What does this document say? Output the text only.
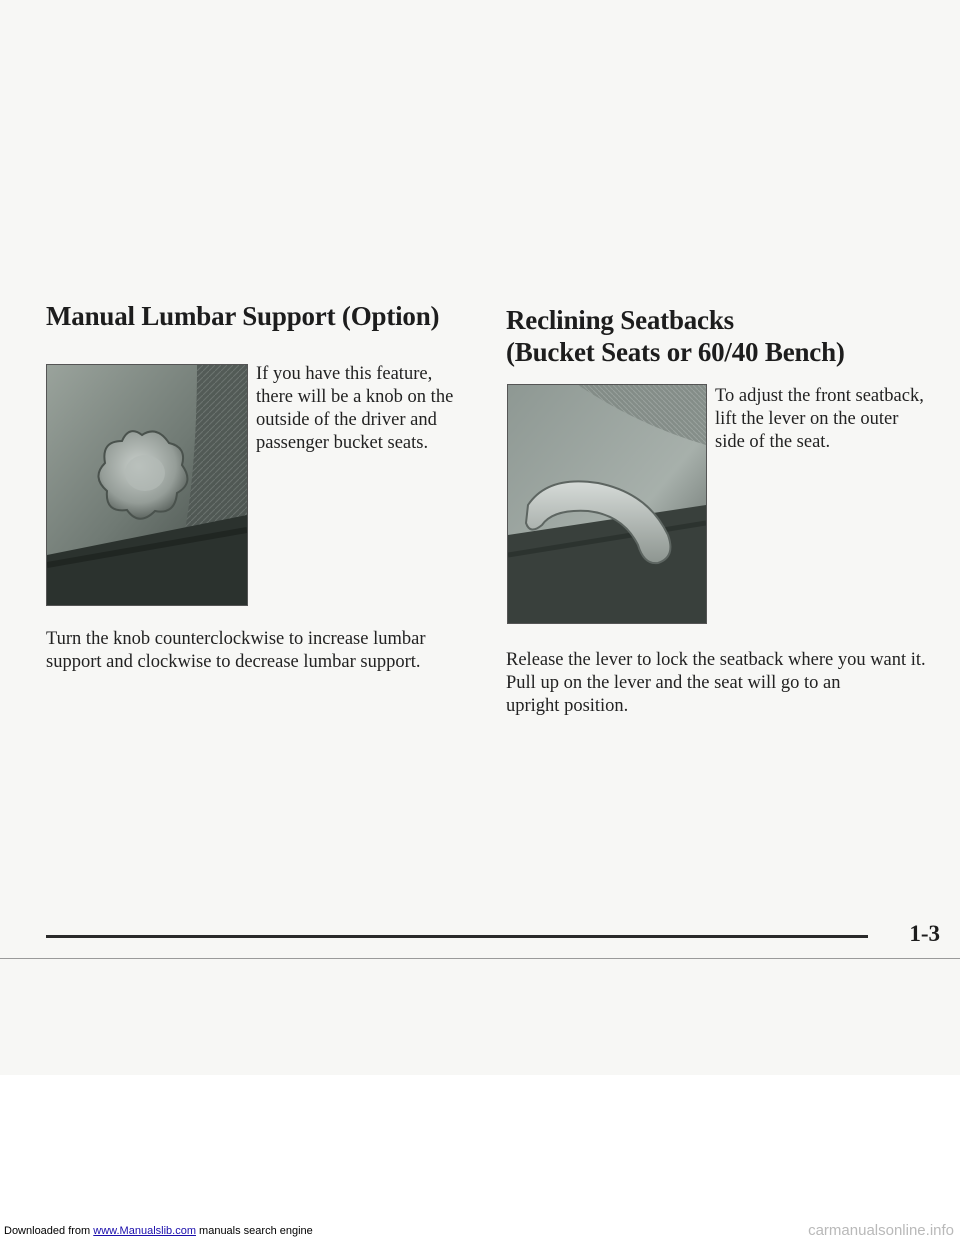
Manual Lumbar Support (Option)

If you have this feature,
there will be a knob on the
outside of the driver and
passenger bucket seats.

Turn the knob counterclockwise to increase lumbar
support and clockwise to decrease lumbar support.

Reclining Seatbacks
(Bucket Seats or 60/40 Bench)

To adjust the front seatback,
lift the lever on the outer
side of the seat.

Release the lever to lock the seatback where you want it.
Pull up on the lever and the seat will go to an
upright position.

1-3

Downloaded from www.Manualslib.com manuals search engine	carmanualsonline.info
